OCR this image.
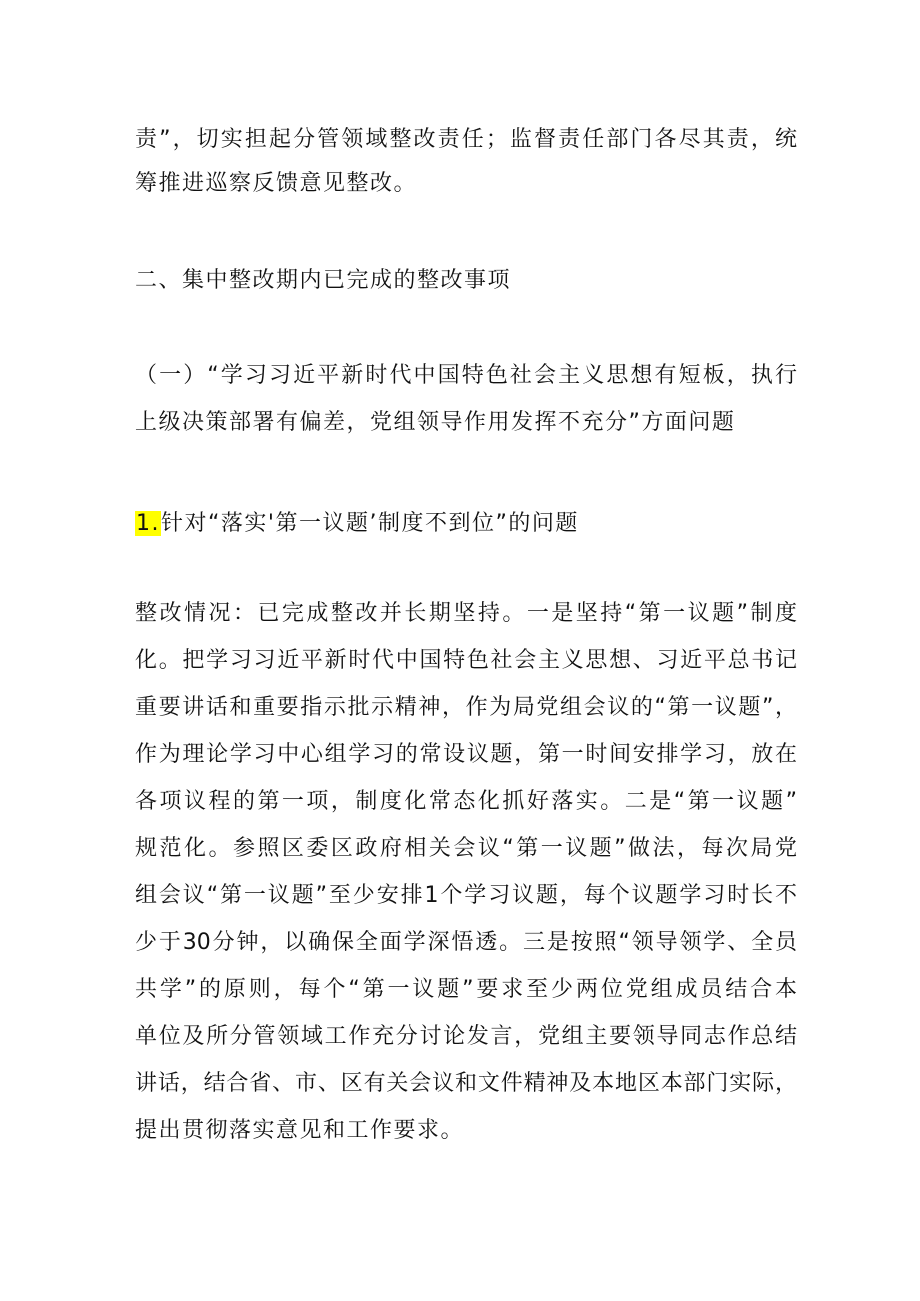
责”，切实担起分管领域整改责任；监督责任部门各尽其责，统
筹推进巡察反馈意见整改。
二、集中整改期内已完成的整改事项
（一）“学习习近平新时代中国特色社会主义思想有短板，执行
上级决策部署有偏差，党组领导作用发挥不充分”方面问题
1.针对“落实'第一议题’制度不到位”的问题
整改情况：已完成整改并长期坚持。一是坚持“第一议题”制度
化。把学习习近平新时代中国特色社会主义思想、习近平总书记
重要讲话和重要指示批示精神，作为局党组会议的“第一议题”，
作为理论学习中心组学习的常设议题，第一时间安排学习，放在
各项议程的第一项，制度化常态化抓好落实。二是“第一议题”
规范化。参照区委区政府相关会议“第一议题”做法，每次局党
组会议“第一议题”至少安排1个学习议题，每个议题学习时长不
少于30分钟，以确保全面学深悟透。三是按照“领导领学、全员
共学”的原则，每个“第一议题”要求至少两位党组成员结合本
单位及所分管领域工作充分讨论发言，党组主要领导同志作总结
讲话，结合省、市、区有关会议和文件精神及本地区本部门实际，
提出贯彻落实意见和工作要求。
